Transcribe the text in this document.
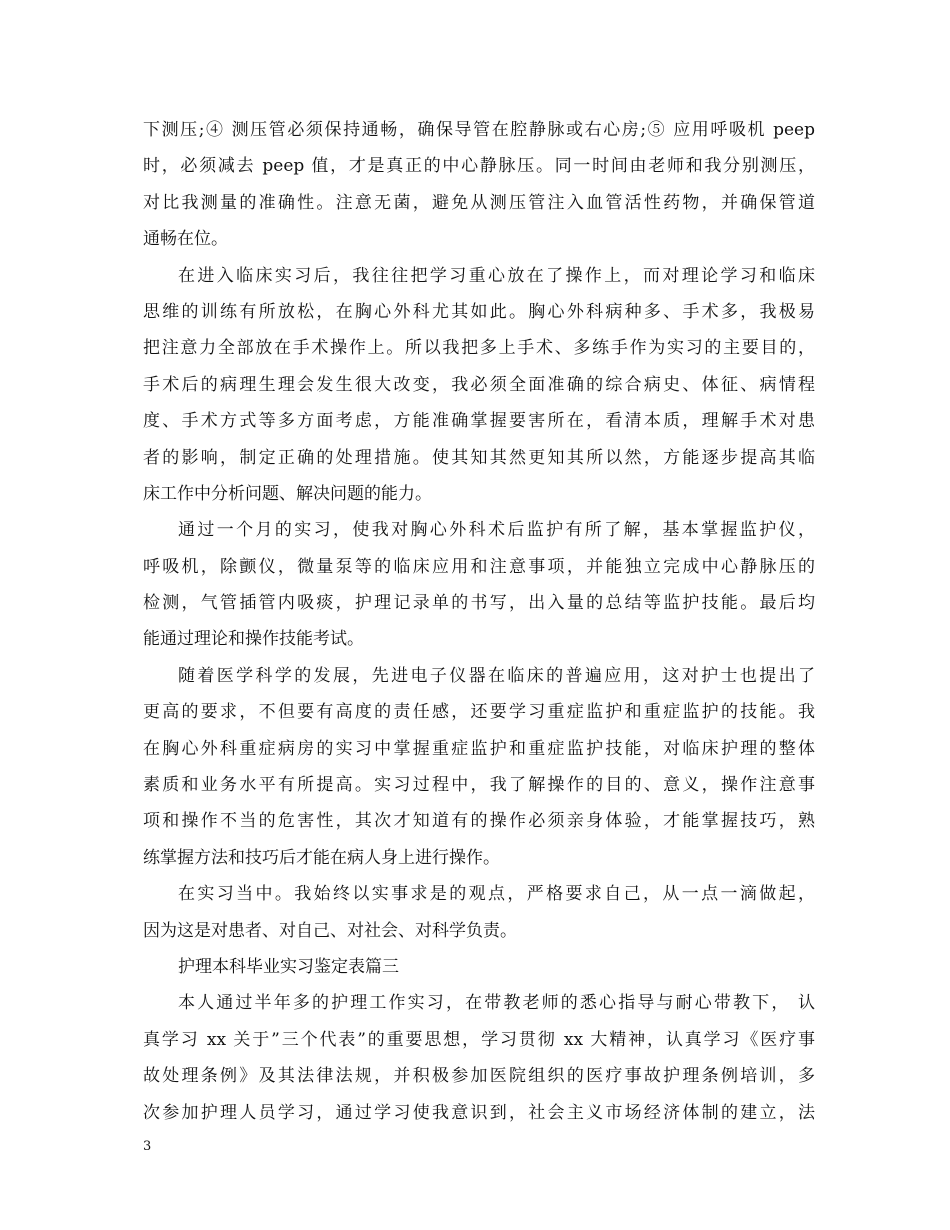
下测压;④ 测压管必须保持通畅，确保导管在腔静脉或右心房;⑤ 应用呼吸机 peep
时，必须减去 peep 值，才是真正的中心静脉压。同一时间由老师和我分别测压，
对比我测量的准确性。注意无菌，避免从测压管注入血管活性药物，并确保管道
通畅在位。
在进入临床实习后，我往往把学习重心放在了操作上，而对理论学习和临床
思维的训练有所放松，在胸心外科尤其如此。胸心外科病种多、手术多，我极易
把注意力全部放在手术操作上。所以我把多上手术、多练手作为实习的主要目的，
手术后的病理生理会发生很大改变，我必须全面准确的综合病史、体征、病情程
度、手术方式等多方面考虑，方能准确掌握要害所在，看清本质，理解手术对患
者的影响，制定正确的处理措施。使其知其然更知其所以然，方能逐步提高其临
床工作中分析问题、解决问题的能力。
通过一个月的实习，使我对胸心外科术后监护有所了解，基本掌握监护仪，
呼吸机，除颤仪，微量泵等的临床应用和注意事项，并能独立完成中心静脉压的
检测，气管插管内吸痰，护理记录单的书写，出入量的总结等监护技能。最后均
能通过理论和操作技能考试。
随着医学科学的发展，先进电子仪器在临床的普遍应用，这对护士也提出了
更高的要求，不但要有高度的责任感，还要学习重症监护和重症监护的技能。我
在胸心外科重症病房的实习中掌握重症监护和重症监护技能，对临床护理的整体
素质和业务水平有所提高。实习过程中，我了解操作的目的、意义，操作注意事
项和操作不当的危害性，其次才知道有的操作必须亲身体验，才能掌握技巧，熟
练掌握方法和技巧后才能在病人身上进行操作。
在实习当中。我始终以实事求是的观点，严格要求自己，从一点一滴做起，
因为这是对患者、对自己、对社会、对科学负责。
护理本科毕业实习鉴定表篇三
本人通过半年多的护理工作实习，在带教老师的悉心指导与耐心带教下， 认
真学习 xx 关于”三个代表”的重要思想，学习贯彻 xx 大精神，认真学习《医疗事
故处理条例》及其法律法规，并积极参加医院组织的医疗事故护理条例培训，多
次参加护理人员学习，通过学习使我意识到，社会主义市场经济体制的建立，法
3
